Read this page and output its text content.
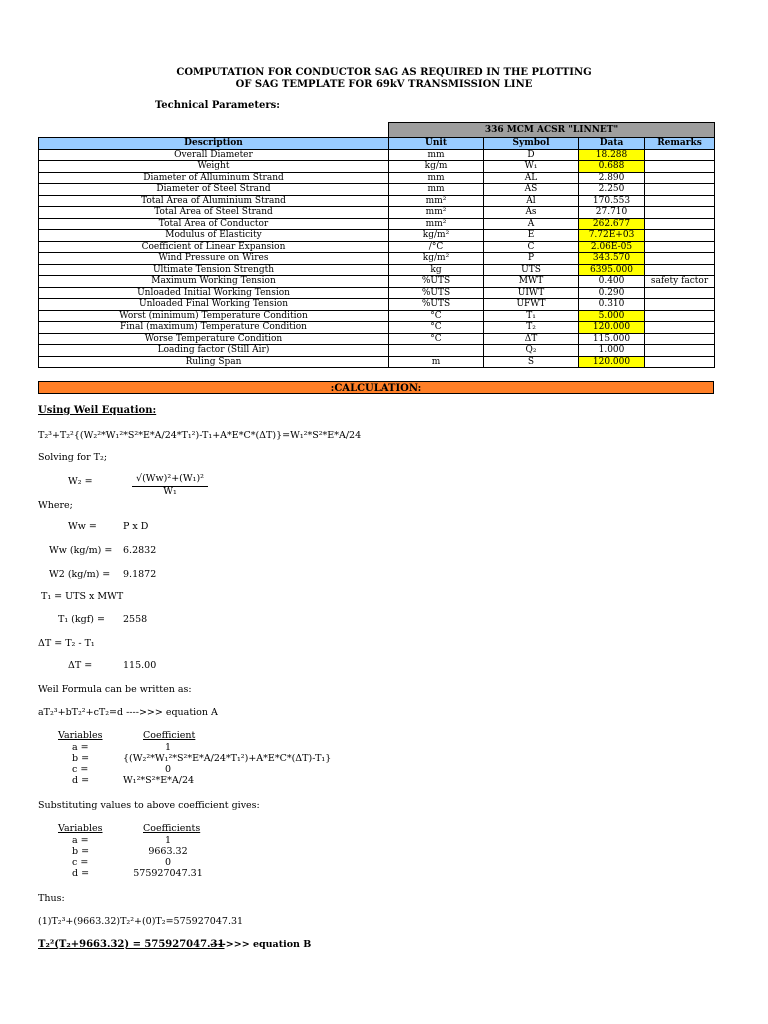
COMPUTATION FOR CONDUCTOR SAG AS REQUIRED IN THE PLOTTING
OF SAG TEMPLATE FOR 69kV TRANSMISSION LINE
Technical Parameters:
	336 MCM ACSR "LINNET"			
Description	Unit	Symbol	Data	Remarks
Overall Diameter	mm	D	18.288	
Weight	kg/m	W₁	0.688	
Diameter of Alluminum Strand	mm	AL	2.890	
Diameter of Steel Strand	mm	AS	2.250	
Total Area of Aluminium Strand	mm²	Al	170.553	
Total Area of Steel Strand	mm²	As	27.710	
Total Area of Conductor	mm²	A	262.677	
Modulus of Elasticity	kg/m²	E	7.72E+03	
Coefficient of Linear Expansion	/°C	C	2.06E-05	
Wind Pressure on Wires	kg/m²	P	343.570	
Ultimate Tension Strength	kg	UTS	6395.000	
Maximum Working Tension	%UTS	MWT	0.400	safety factor
Unloaded Initial Working Tension	%UTS	UIWT	0.290	
Unloaded Final Working Tension	%UTS	UFWT	0.310	
Worst (minimum) Temperature Condition	°C	T₁	5.000	
Final (maximum) Temperature Condition	°C	T₂	120.000	
Worse Temperature Condition	°C	ΔT	115.000	
Loading factor (Still Air)		Q₂	1.000	
Ruling Span	m	S	120.000	
:CALCULATION:
Using Weil Equation:
T₂³+T₂²{(W₂²*W₁²*S²*E*A/24*T₁²)-T₁+A*E*C*(ΔT)}=W₁²*S²*E*A/24
Solving for T₂;
W₂ =	√(Ww)²+(W₁)²
W₁
Where;
Ww =	P x D
Ww (kg/m) = 6.2832
W2 (kg/m) = 9.1872
T₁ = UTS x MWT
T₁ (kgf) = 2558
ΔT = T₂ - T₁
ΔT =	115.00
Weil Formula can be written as:
aT₂³+bT₂²+cT₂=d ---->>> equation A
Variables	Coefficient
a =	1
b =	{(W₂²*W₁²*S²*E*A/24*T₁²)+A*E*C*(ΔT)-T₁}
c =	0
d =	W₁²*S²*E*A/24
Substituting values to above coefficient gives:
Variables	Coefficients
a =	1
b =	9663.32
c =	0
d =	575927047.31
Thus:
(1)T₂³+(9663.32)T₂²+(0)T₂=575927047.31
T₂²(T₂+9663.32) = 575927047.31
---->>> equation B
